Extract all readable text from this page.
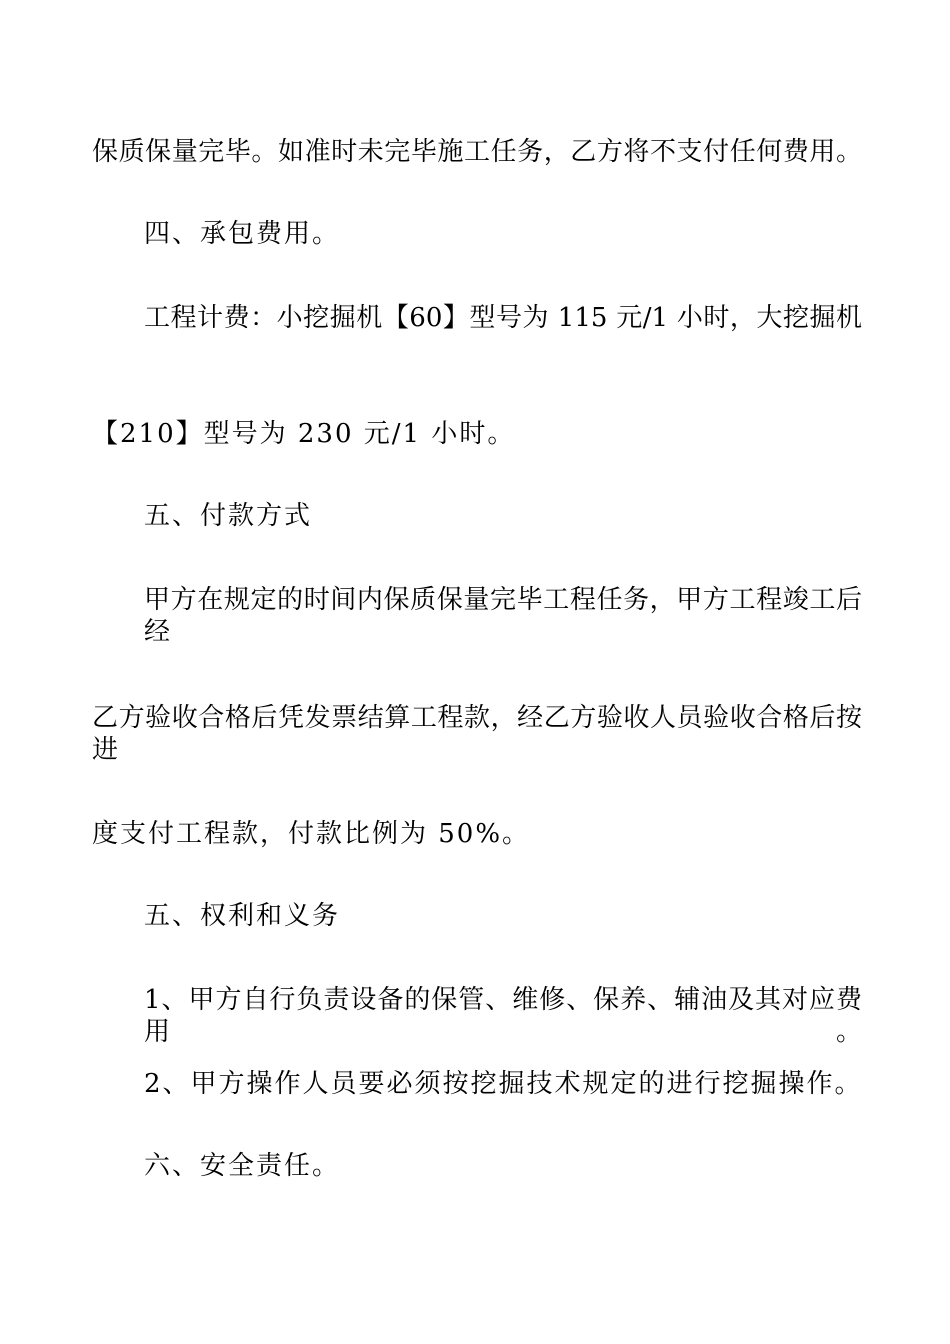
保质保量完毕。如准时未完毕施工任务，乙方将不支付任何费用。
四、承包费用。
工程计费：小挖掘机【60】型号为 115 元/1 小时，大挖掘机
【210】型号为 230 元/1 小时。
五、付款方式
甲方在规定的时间内保质保量完毕工程任务，甲方工程竣工后经
乙方验收合格后凭发票结算工程款，经乙方验收人员验收合格后按进
度支付工程款，付款比例为 50%。
五、权利和义务
1、甲方自行负责设备的保管、维修、保养、辅油及其对应费用。
2、甲方操作人员要必须按挖掘技术规定的进行挖掘操作。
六、安全责任。
